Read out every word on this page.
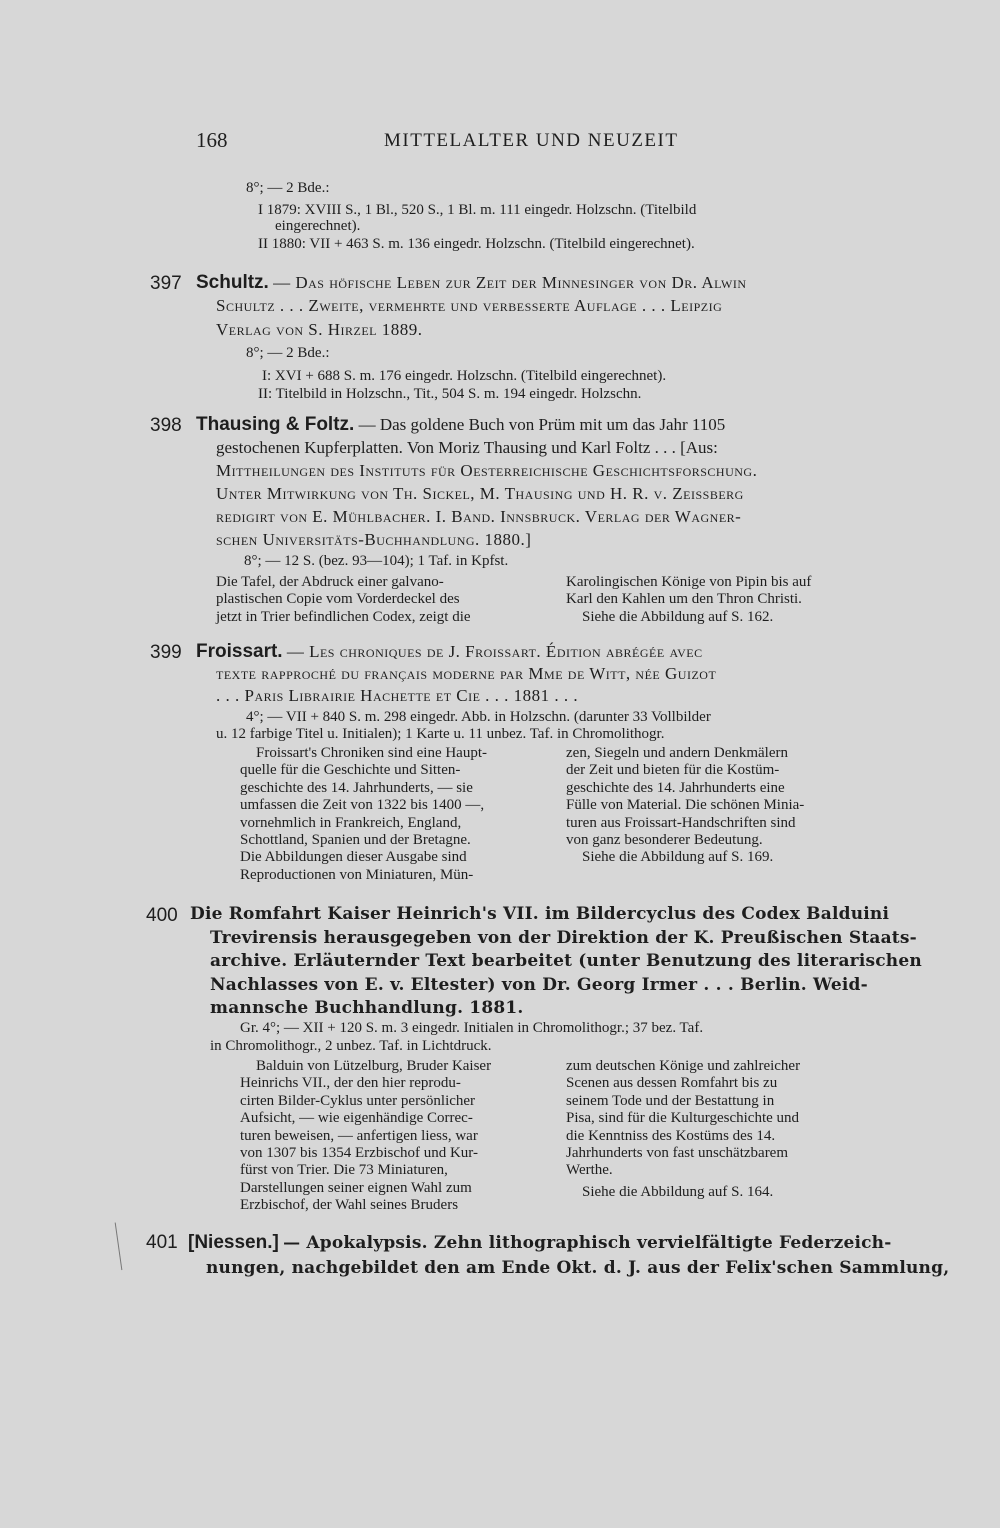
168	MITTELALTER UND NEUZEIT
8°; — 2 Bde.:
I 1879: XVIII S., 1 Bl., 520 S., 1 Bl. m. 111 eingedr. Holzschn. (Titelbild
eingerechnet).
II 1880: VII + 463 S. m. 136 eingedr. Holzschn. (Titelbild eingerechnet).
397 Schultz. — Das höfische Leben zur Zeit der Minnesinger von Dr. Alwin
Schultz . . . Zweite, vermehrte und verbesserte Auflage . . . Leipzig
Verlag von S. Hirzel 1889.
8°; — 2 Bde.:
I: XVI + 688 S. m. 176 eingedr. Holzschn. (Titelbild eingerechnet).
II: Titelbild in Holzschn., Tit., 504 S. m. 194 eingedr. Holzschn.
398 Thausing & Foltz. — Das goldene Buch von Prüm mit um das Jahr 1105
gestochenen Kupferplatten. Von Moriz Thausing und Karl Foltz . . . [Aus:
Mittheilungen des Instituts für Oesterreichische Geschichtsforschung.
Unter Mitwirkung von Th. Sickel, M. Thausing und H. R. v. Zeissberg
redigirt von E. Mühlbacher. I. Band. Innsbruck. Verlag der Wagner-
schen Universitäts-Buchhandlung. 1880.]
8°; — 12 S. (bez. 93—104); 1 Taf. in Kpfst.
Die Tafel, der Abdruck einer galvano-
plastischen Copie vom Vorderdeckel des
jetzt in Trier befindlichen Codex, zeigt die
Karolingischen Könige von Pipin bis auf
Karl den Kahlen um den Thron Christi.
Siehe die Abbildung auf S. 162.
399 Froissart. — Les chroniques de J. Froissart. Édition abrégée avec
texte rapproché du français moderne par Mme de Witt, née Guizot
. . . Paris Librairie Hachette et Cie . . . 1881 . . .
4°; — VII + 840 S. m. 298 eingedr. Abb. in Holzschn. (darunter 33 Vollbilder
u. 12 farbige Titel u. Initialen); 1 Karte u. 11 unbez. Taf. in Chromolithogr.
Froissart's Chroniken sind eine Haupt-
quelle für die Geschichte und Sitten-
geschichte des 14. Jahrhunderts, — sie
umfassen die Zeit von 1322 bis 1400 —,
vornehmlich in Frankreich, England,
Schottland, Spanien und der Bretagne.
Die Abbildungen dieser Ausgabe sind
Reproductionen von Miniaturen, Mün-
zen, Siegeln und andern Denkmälern
der Zeit und bieten für die Kostüm-
geschichte des 14. Jahrhunderts eine
Fülle von Material. Die schönen Minia-
turen aus Froissart-Handschriften sind
von ganz besonderer Bedeutung.
Siehe die Abbildung auf S. 169.
400 Die Romfahrt Kaiser Heinrich's VII. im Bildercyclus des Codex Balduini
Trevirensis herausgegeben von der Direktion der K. Preußischen Staats-
archive. Erläuternder Text bearbeitet (unter Benutzung des literarischen
Nachlasses von E. v. Eltester) von Dr. Georg Irmer . . . Berlin. Weid-
mannsche Buchhandlung. 1881.
Gr. 4°; — XII + 120 S. m. 3 eingedr. Initialen in Chromolithogr.; 37 bez. Taf.
in Chromolithogr., 2 unbez. Taf. in Lichtdruck.
Balduin von Lützelburg, Bruder Kaiser
Heinrichs VII., der den hier reprodu-
cirten Bilder-Cyklus unter persönlicher
Aufsicht, — wie eigenhändige Correc-
turen beweisen, — anfertigen liess, war
von 1307 bis 1354 Erzbischof und Kur-
fürst von Trier. Die 73 Miniaturen,
Darstellungen seiner eignen Wahl zum
Erzbischof, der Wahl seines Bruders
zum deutschen Könige und zahlreicher
Scenen aus dessen Romfahrt bis zu
seinem Tode und der Bestattung in
Pisa, sind für die Kulturgeschichte und
die Kenntniss des Kostüms des 14.
Jahrhunderts von fast unschätzbarem
Werthe.
Siehe die Abbildung auf S. 164.
401 [Niessen.] — Apokalypsis. Zehn lithographisch vervielfältigte Federzeich-
nungen, nachgebildet den am Ende Okt. d. J. aus der Felix'schen Sammlung,
